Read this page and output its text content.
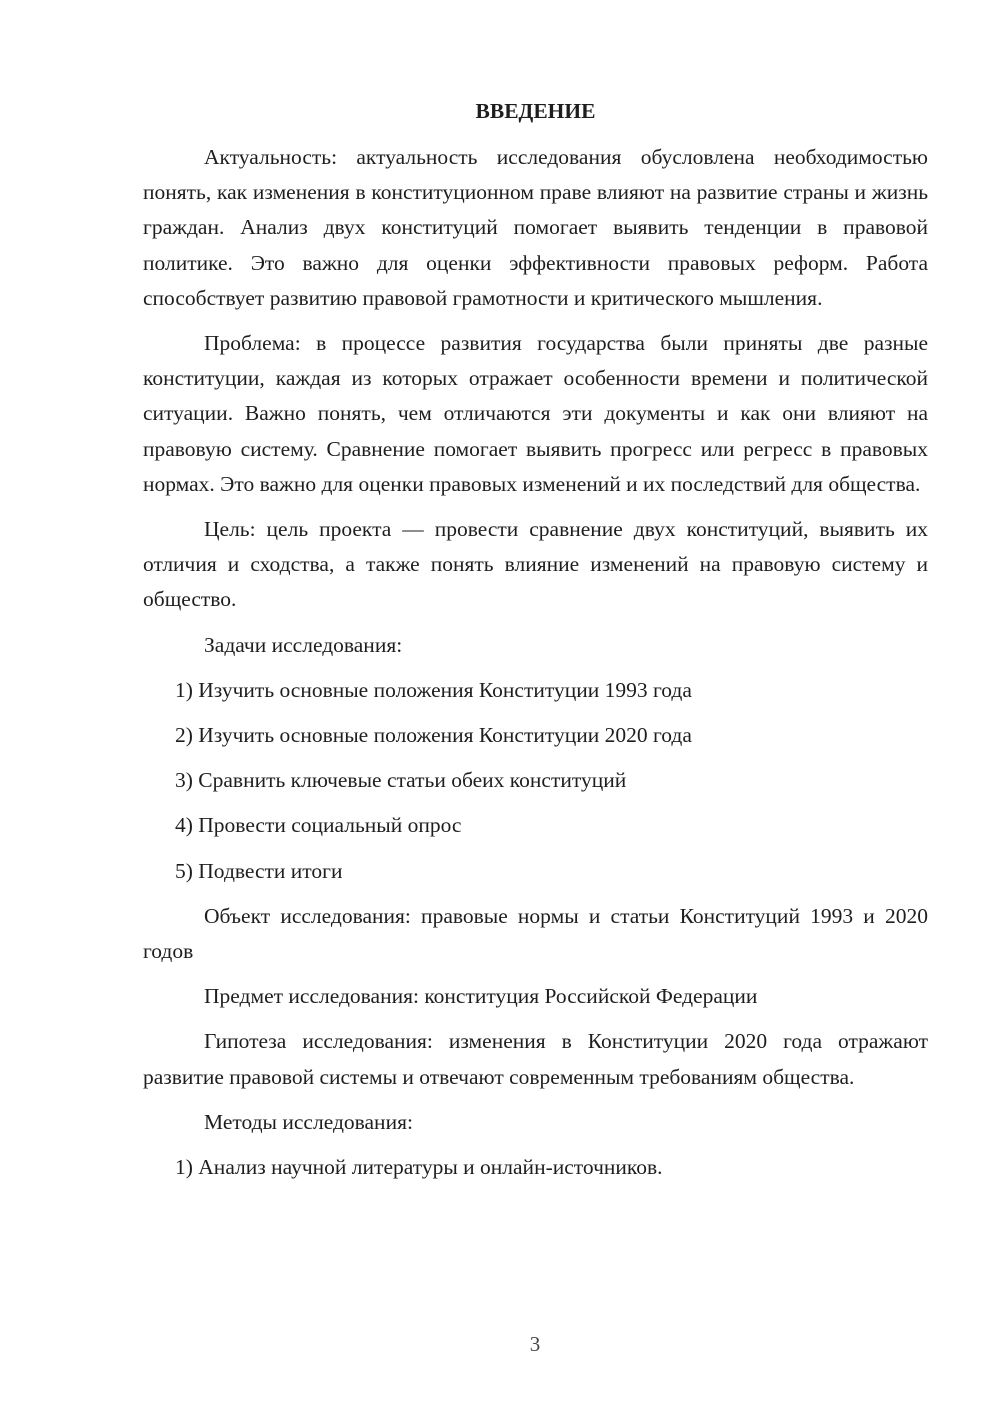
ВВЕДЕНИЕ

Актуальность: актуальность исследования обусловлена необходимостью понять, как изменения в конституционном праве влияют на развитие страны и жизнь граждан. Анализ двух конституций помогает выявить тенденции в правовой политике. Это важно для оценки эффективности правовых реформ. Работа способствует развитию правовой грамотности и критического мышления.

Проблема: в процессе развития государства были приняты две разные конституции, каждая из которых отражает особенности времени и политической ситуации. Важно понять, чем отличаются эти документы и как они влияют на правовую систему. Сравнение помогает выявить прогресс или регресс в правовых нормах. Это важно для оценки правовых изменений и их последствий для общества.

Цель: цель проекта — провести сравнение двух конституций, выявить их отличия и сходства, а также понять влияние изменений на правовую систему и общество.

Задачи исследования:

1) Изучить основные положения Конституции 1993 года

2) Изучить основные положения Конституции 2020 года

3) Сравнить ключевые статьи обеих конституций

4) Провести социальный опрос

5) Подвести итоги

Объект исследования: правовые нормы и статьи Конституций 1993 и 2020 годов

Предмет исследования: конституция Российской Федерации

Гипотеза исследования: изменения в Конституции 2020 года отражают развитие правовой системы и отвечают современным требованиям общества.

Методы исследования:

1) Анализ научной литературы и онлайн-источников.

3
